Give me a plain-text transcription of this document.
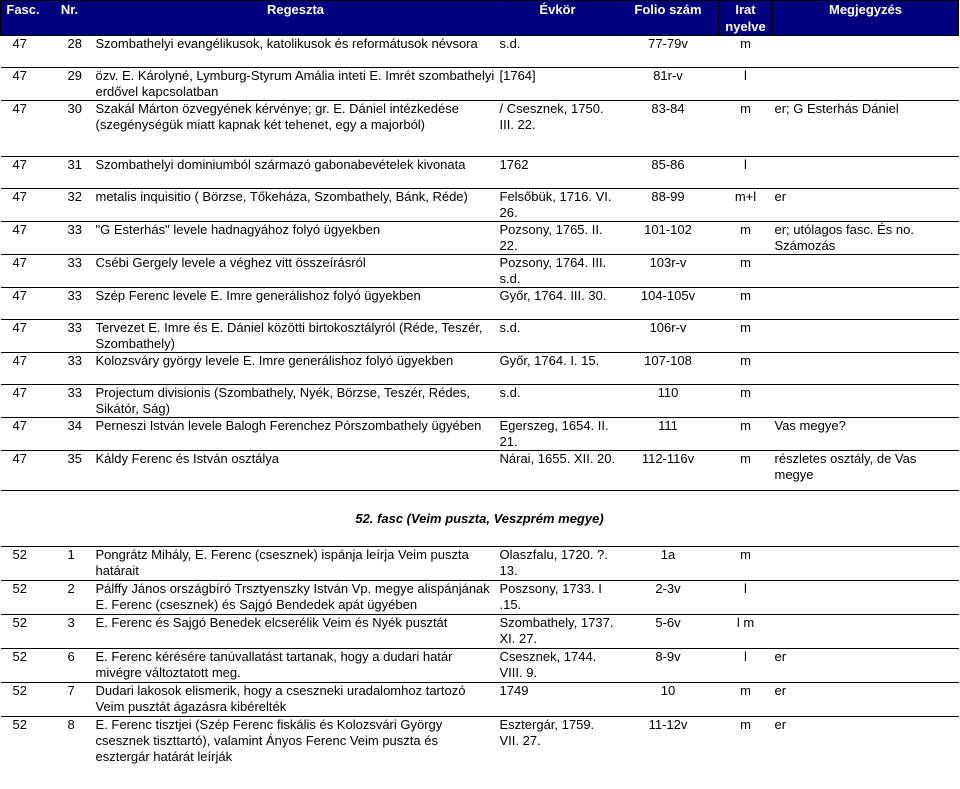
Fasc.	Nr.	Regeszta	Évkör	Folio szám	Irat nyelve	Megjegyzés
47	28	Szombathelyi evangélikusok, katolikusok és reformátusok névsora	s.d.	77-79v	m	
47	29	özv. E. Károlyné, Lymburg-Styrum Amália inteti E. Imrét szombathelyi erdővel kapcsolatban	[1764]	81r-v	l	
47	30	Szakál Márton özvegyének kérvénye; gr. E. Dániel intézkedése (szegénységük miatt kapnak két tehenet, egy a majorból)	/ Csesznek, 1750. III. 22.	83-84	m	er; G Esterhás Dániel
47	31	Szombathelyi dominiumból származó gabonabevételek kivonata	1762	85-86	l	
47	32	metalis inquisitio ( Börzse, Tőkeháza, Szombathely, Bánk, Réde)	Felsőbük, 1716. VI. 26.	88-99	m+l	er
47	33	"G Esterhás" levele hadnagyához folyó ügyekben	Pozsony, 1765. II. 22.	101-102	m	er; utólagos fasc. És no. Számozás
47	33	Csébi Gergely levele a véghez vitt összeírásról	Pozsony, 1764. III. s.d.	103r-v	m	
47	33	Szép Ferenc levele E. Imre generálishoz folyó ügyekben	Győr, 1764. III. 30.	104-105v	m	
47	33	Tervezet E. Imre és E. Dániel közötti birtokosztályról (Réde, Teszér, Szombathely)	s.d.	106r-v	m	
47	33	Kolozsváry györgy levele E. Imre generálishoz folyó ügyekben	Győr, 1764. I. 15.	107-108	m	
47	33	Projectum divisionis (Szombathely, Nyék, Börzse, Teszér, Rédes, Sikátór, Ság)	s.d.	110	m	
47	34	Perneszi István levele Balogh Ferenchez Pórszombathely ügyében	Egerszeg, 1654. II. 21.	111	m	Vas megye?
47	35	Káldy Ferenc és István osztálya	Nárai, 1655. XII. 20.	112-116v	m	részletes osztály, de Vas megye
52. fasc (Veim puszta, Veszprém megye)						
52	1	Pongrátz Mihály, E. Ferenc (csesznek) ispánja leírja Veim puszta határait	Olaszfalu, 1720. ?. 13.	1a	m	
52	2	Pálffy János országbíró Trsztyenszky István Vp. megye alispánjának E. Ferenc (csesznek) és Sajgó Bendedek apát ügyében	Poszsony, 1733. I .15.	2-3v	l	
52	3	E. Ferenc és Sajgó Benedek elcserélik Veim és Nyék pusztát	Szombathely, 1737. XI. 27.	5-6v	l m	
52	6	E. Ferenc kérésére tanúvallatást tartanak, hogy a dudari határ mivégre változtatott meg.	Csesznek, 1744. VIII. 9.	8-9v	l	er
52	7	Dudari lakosok elismerik, hogy a cseszneki uradalomhoz tartozó Veim pusztát ágazásra kibérelték	1749	10	m	er
52	8	E. Ferenc tisztjei (Szép Ferenc fiskális és Kolozsvári György csesznek tiszttartó), valamint Ányos Ferenc Veim puszta és esztergár határát leírják	Esztergár, 1759. VII. 27.	11-12v	m	er
